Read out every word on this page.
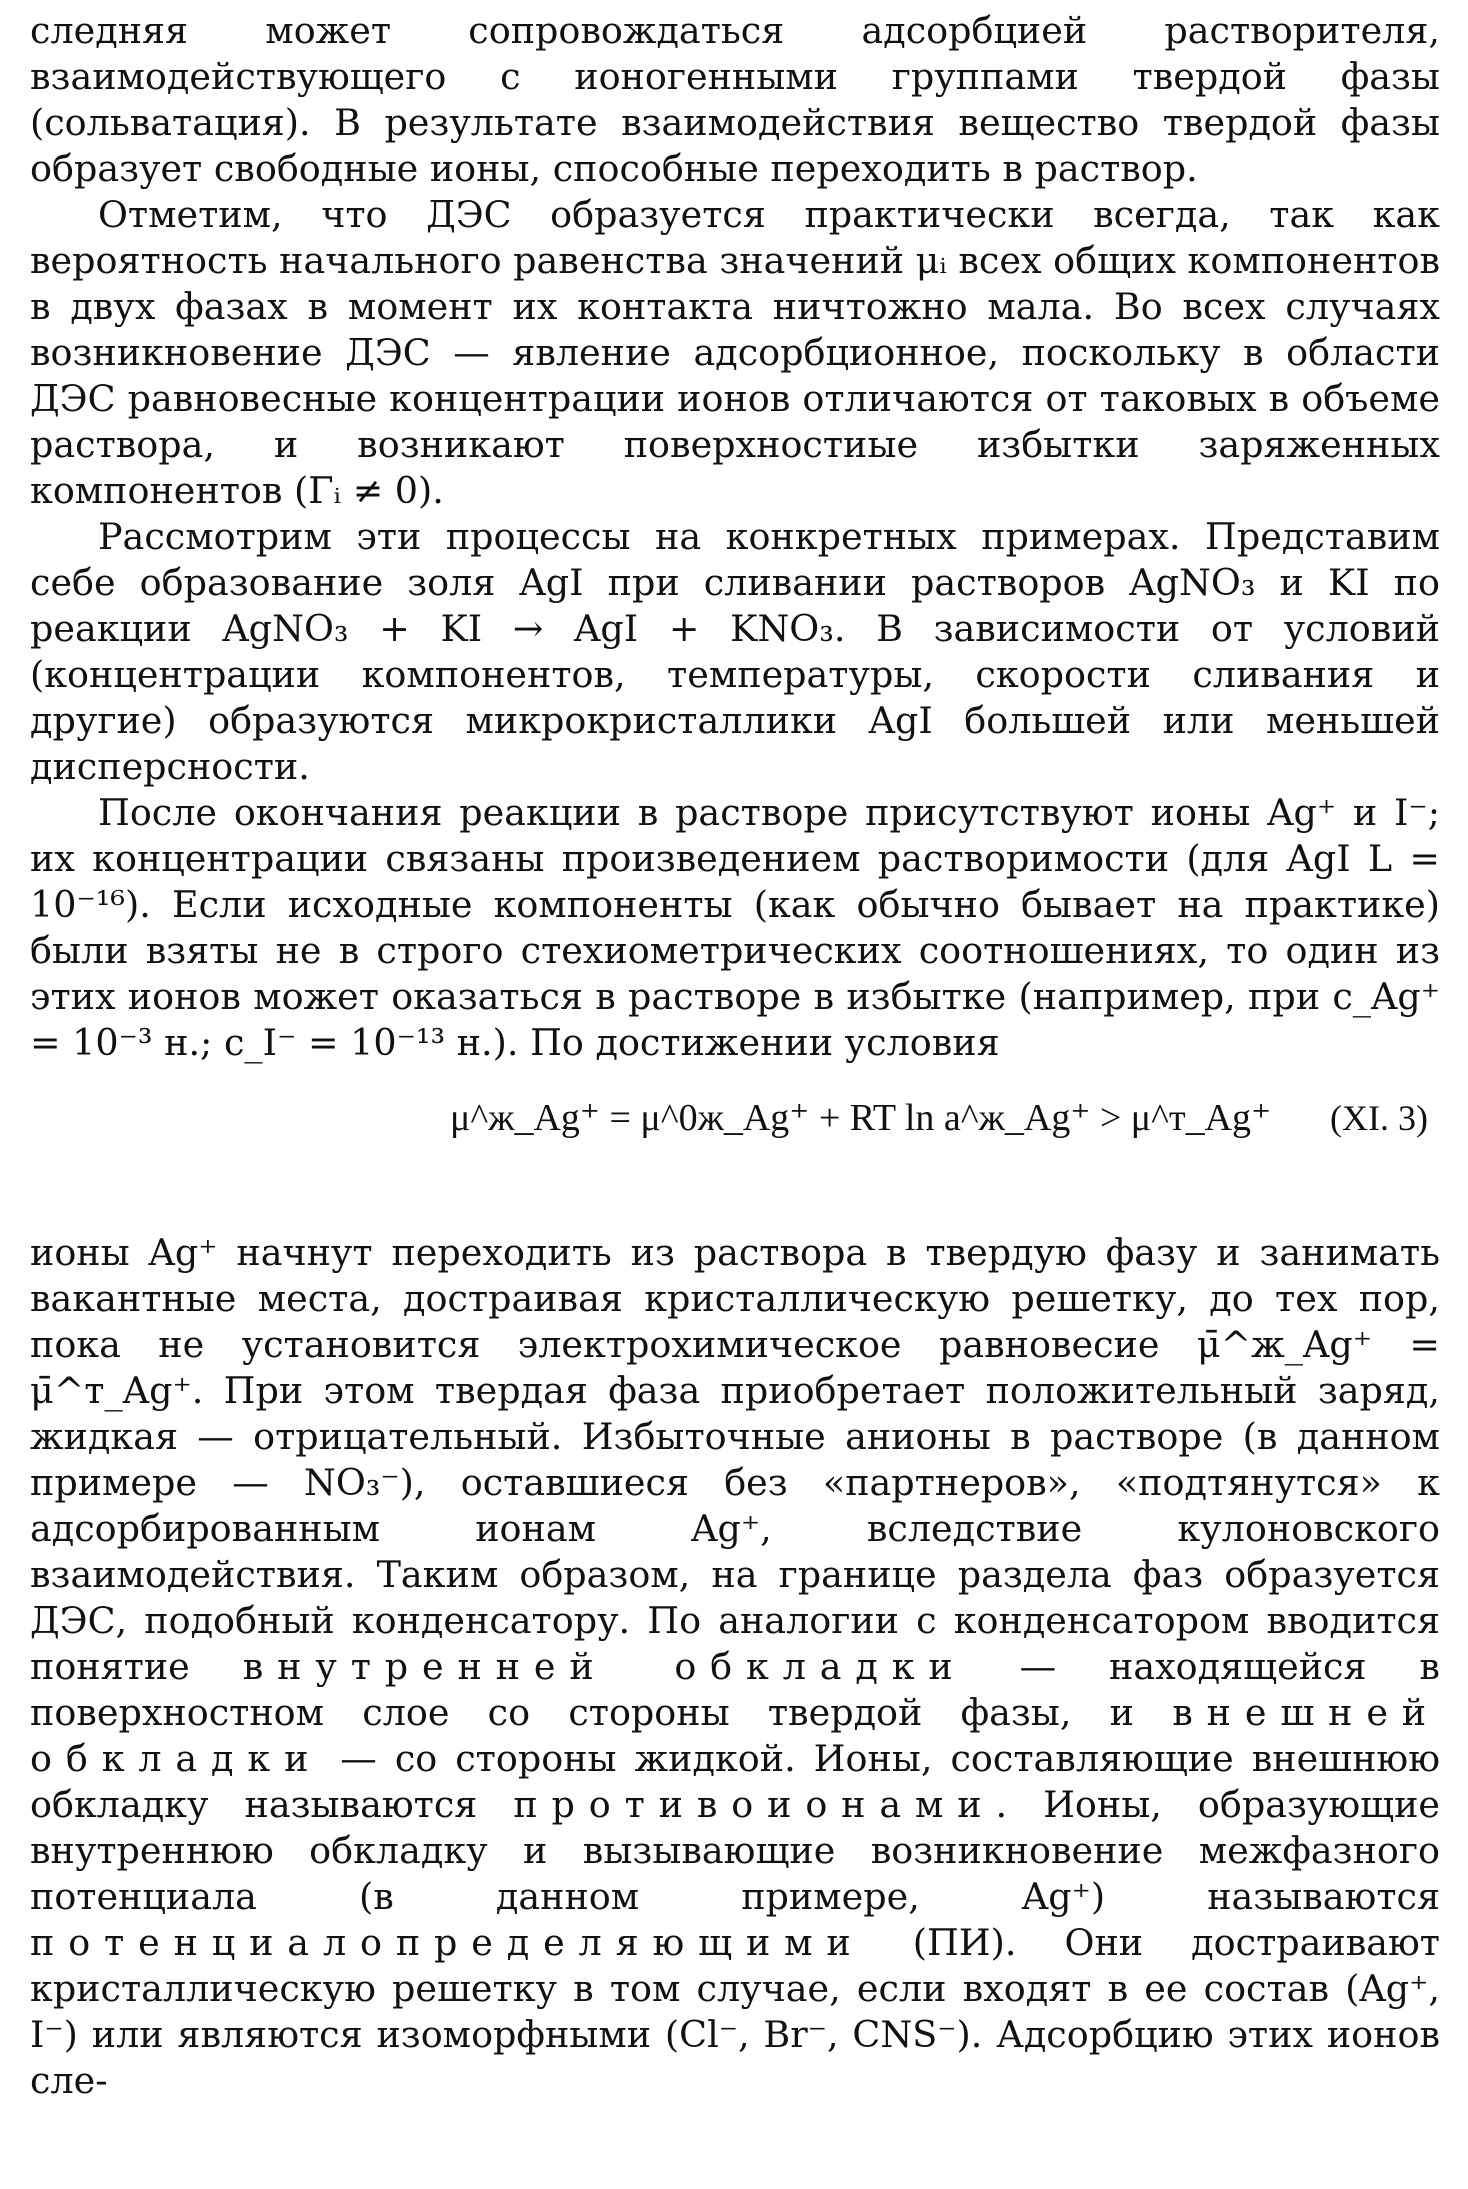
следняя может сопровождаться адсорбцией растворителя, взаимодействующего с ионогенными группами твердой фазы (сольватация). В результате взаимодействия вещество твердой фазы образует свободные ионы, способные переходить в раствор.

Отметим, что ДЭС образуется практически всегда, так как вероятность начального равенства значений μᵢ всех общих компонентов в двух фазах в момент их контакта ничтожно мала. Во всех случаях возникновение ДЭС — явление адсорбционное, поскольку в области ДЭС равновесные концентрации ионов отличаются от таковых в объеме раствора, и возникают поверхностиые избытки заряженных компонентов (Γᵢ ≠ 0).

Рассмотрим эти процессы на конкретных примерах. Представим себе образование золя AgI при сливании растворов AgNO₃ и KI по реакции AgNO₃ + KI → AgI + KNO₃. В зависимости от условий (концентрации компонентов, температуры, скорости сливания и другие) образуются микрокристаллики AgI большей или меньшей дисперсности.

После окончания реакции в растворе присутствуют ионы Ag⁺ и I⁻; их концентрации связаны произведением растворимости (для AgI L = 10⁻¹⁶). Если исходные компоненты (как обычно бывает на практике) были взяты не в строго стехиометрических соотношениях, то один из этих ионов может оказаться в растворе в избытке (например, при c_Ag⁺ = 10⁻³ н.; c_I⁻ = 10⁻¹³ н.). По достижении условия

μ^ж_Ag⁺ = μ^0ж_Ag⁺ + RT ln a^ж_Ag⁺ > μ^т_Ag⁺ (XI. 3)

ионы Ag⁺ начнут переходить из раствора в твердую фазу и занимать вакантные места, достраивая кристаллическую решетку, до тех пор, пока не установится электрохимическое равновесие μ̄^ж_Ag⁺ = μ̄^т_Ag⁺. При этом твердая фаза приобретает положительный заряд, жидкая — отрицательный. Избыточные анионы в растворе (в данном примере — NO₃⁻), оставшиеся без «партнеров», «подтянутся» к адсорбированным ионам Ag⁺, вследствие кулоновского взаимодействия. Таким образом, на границе раздела фаз образуется ДЭС, подобный конденсатору. По аналогии с конденсатором вводится понятие внутренней обкладки — находящейся в поверхностном слое со стороны твердой фазы, и внешней обкладки — со стороны жидкой. Ионы, составляющие внешнюю обкладку называются противоионами. Ионы, образующие внутреннюю обкладку и вызывающие возникновение межфазного потенциала (в данном примере, Ag⁺) называются потенциалопределяющими (ПИ). Они достраивают кристаллическую решетку в том случае, если входят в ее состав (Ag⁺, I⁻) или являются изоморфными (Cl⁻, Br⁻, CNS⁻). Адсорбцию этих ионов сле-
